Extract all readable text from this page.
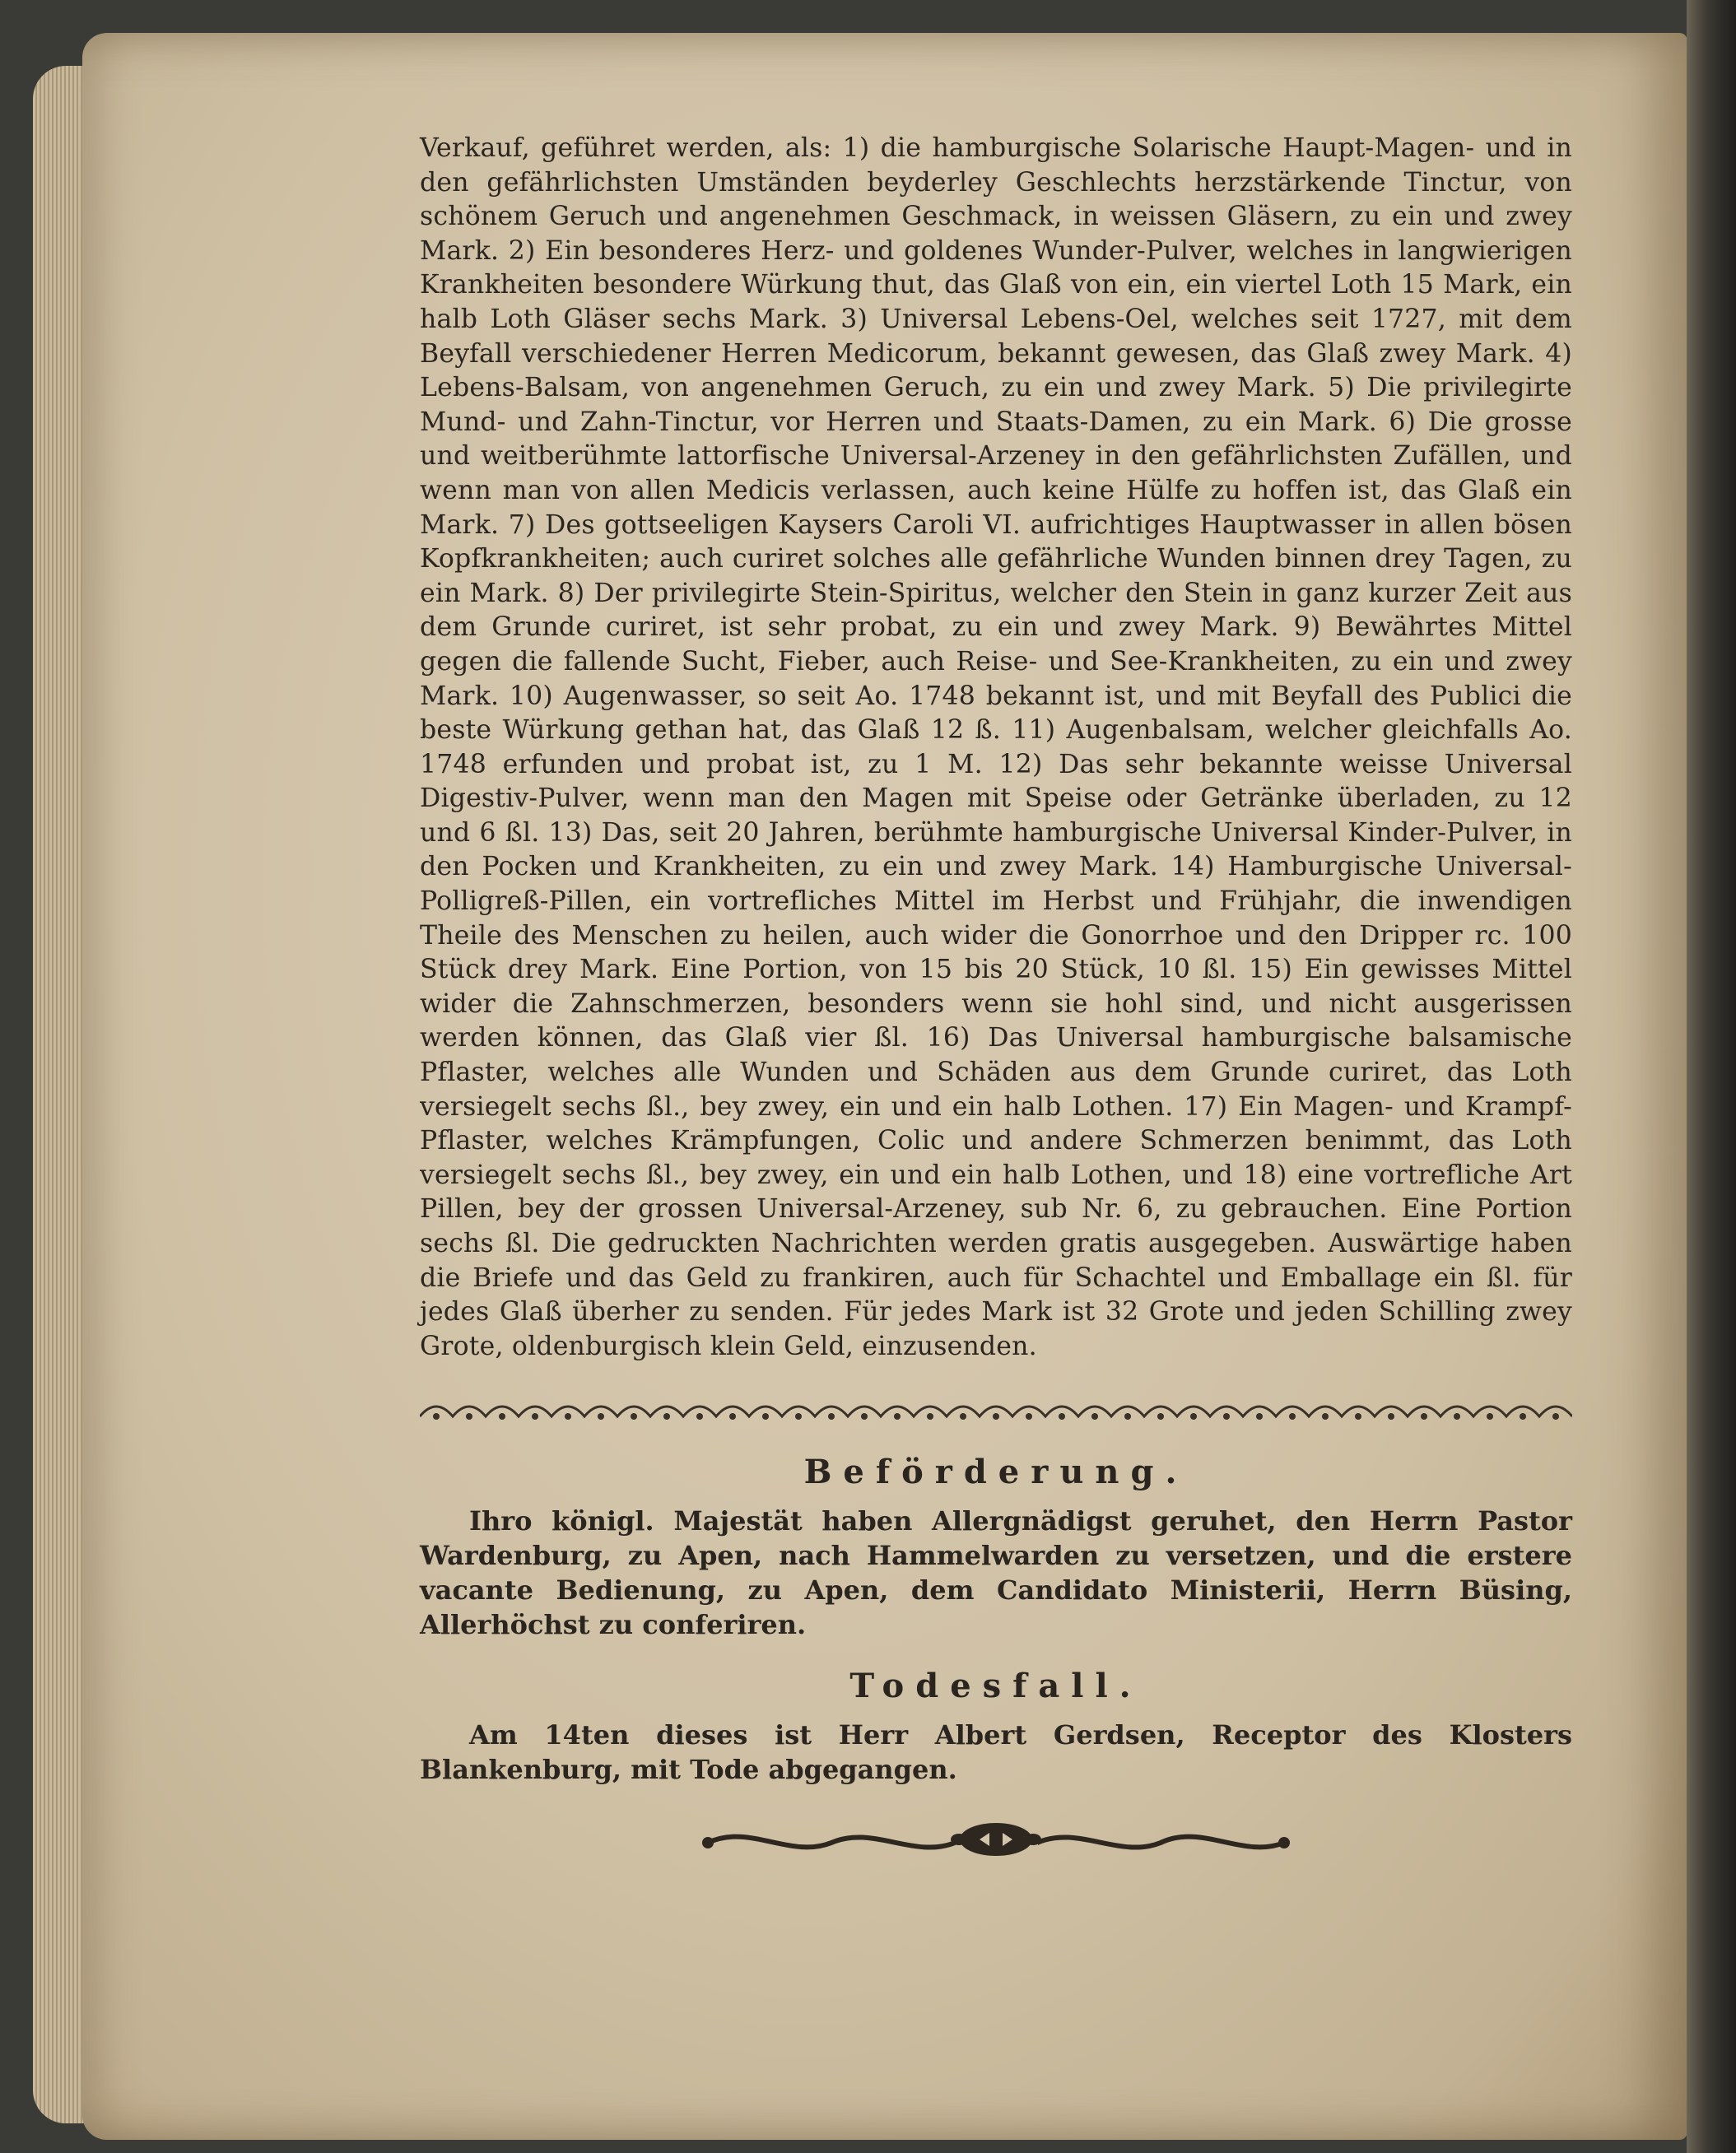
Verkauf, geführet werden, als: 1) die hamburgische Solarische Haupt-Magen- und in den gefährlichsten Umständen beyderley Geschlechts herzstärkende Tinctur, von schönem Geruch und angenehmen Geschmack, in weissen Gläsern, zu ein und zwey Mark. 2) Ein besonderes Herz- und goldenes Wunder-Pulver, welches in langwierigen Krankheiten besondere Würkung thut, das Glaß von ein, ein viertel Loth 15 Mark, ein halb Loth Gläser sechs Mark. 3) Universal Lebens-Oel, welches seit 1727, mit dem Beyfall verschiedener Herren Medicorum, bekannt gewesen, das Glaß zwey Mark. 4) Lebens-Balsam, von angenehmen Geruch, zu ein und zwey Mark. 5) Die privilegirte Mund- und Zahn-Tinctur, vor Herren und Staats-Damen, zu ein Mark. 6) Die grosse und weitberühmte lattorfische Universal-Arzeney in den gefährlichsten Zufällen, und wenn man von allen Medicis verlassen, auch keine Hülfe zu hoffen ist, das Glaß ein Mark. 7) Des gottseeligen Kaysers Caroli VI. aufrichtiges Hauptwasser in allen bösen Kopfkrankheiten; auch curiret solches alle gefährliche Wunden binnen drey Tagen, zu ein Mark. 8) Der privilegirte Stein-Spiritus, welcher den Stein in ganz kurzer Zeit aus dem Grunde curiret, ist sehr probat, zu ein und zwey Mark. 9) Bewährtes Mittel gegen die fallende Sucht, Fieber, auch Reise- und See-Krankheiten, zu ein und zwey Mark. 10) Augenwasser, so seit Ao. 1748 bekannt ist, und mit Beyfall des Publici die beste Würkung gethan hat, das Glaß 12 ß. 11) Augenbalsam, welcher gleichfalls Ao. 1748 erfunden und probat ist, zu 1 M. 12) Das sehr bekannte weisse Universal Digestiv-Pulver, wenn man den Magen mit Speise oder Getränke überladen, zu 12 und 6 ßl. 13) Das, seit 20 Jahren, berühmte hamburgische Universal Kinder-Pulver, in den Pocken und Krankheiten, zu ein und zwey Mark. 14) Hamburgische Universal-Polligreß-Pillen, ein vortrefliches Mittel im Herbst und Frühjahr, die inwendigen Theile des Menschen zu heilen, auch wider die Gonorrhoe und den Dripper rc. 100 Stück drey Mark. Eine Portion, von 15 bis 20 Stück, 10 ßl. 15) Ein gewisses Mittel wider die Zahnschmerzen, besonders wenn sie hohl sind, und nicht ausgerissen werden können, das Glaß vier ßl. 16) Das Universal hamburgische balsamische Pflaster, welches alle Wunden und Schäden aus dem Grunde curiret, das Loth versiegelt sechs ßl., bey zwey, ein und ein halb Lothen. 17) Ein Magen- und Krampf-Pflaster, welches Krämpfungen, Colic und andere Schmerzen benimmt, das Loth versiegelt sechs ßl., bey zwey, ein und ein halb Lothen, und 18) eine vortrefliche Art Pillen, bey der grossen Universal-Arzeney, sub Nr. 6, zu gebrauchen. Eine Portion sechs ßl. Die gedruckten Nachrichten werden gratis ausgegeben. Auswärtige haben die Briefe und das Geld zu frankiren, auch für Schachtel und Emballage ein ßl. für jedes Glaß überher zu senden. Für jedes Mark ist 32 Grote und jeden Schilling zwey Grote, oldenburgisch klein Geld, einzusenden.

Beförderung.

Ihro königl. Majestät haben Allergnädigst geruhet, den Herrn Pastor Wardenburg, zu Apen, nach Hammelwarden zu versetzen, und die erstere vacante Bedienung, zu Apen, dem Candidato Ministerii, Herrn Büsing, Allerhöchst zu conferiren.

Todesfall.

Am 14ten dieses ist Herr Albert Gerdsen, Receptor des Klosters Blankenburg, mit Tode abgegangen.
